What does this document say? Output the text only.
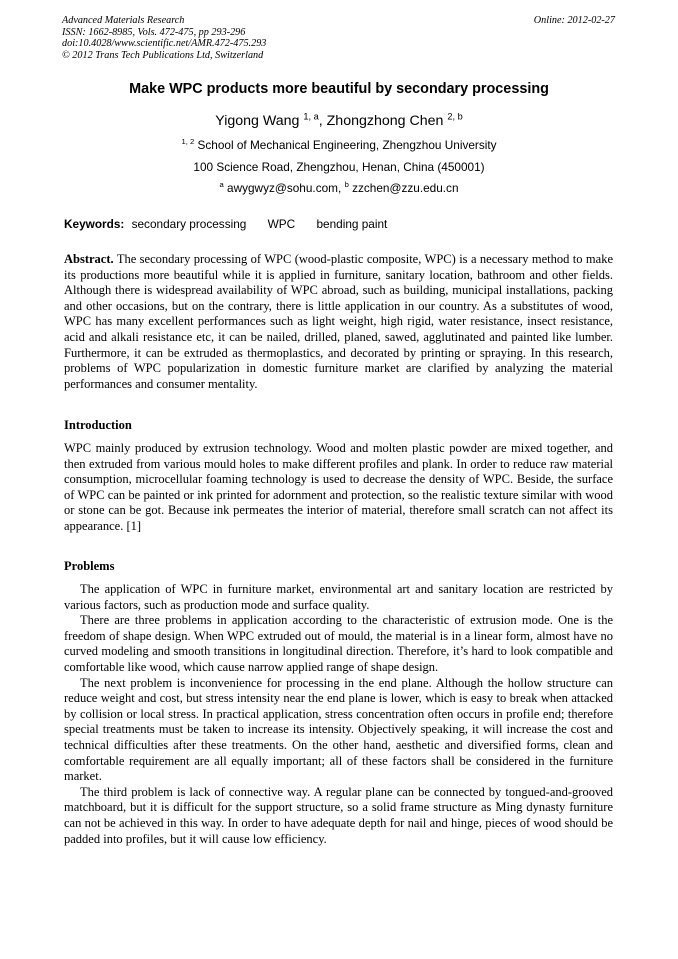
Advanced Materials Research
ISSN: 1662-8985, Vols. 472-475, pp 293-296
doi:10.4028/www.scientific.net/AMR.472-475.293
© 2012 Trans Tech Publications Ltd, Switzerland
Online: 2012-02-27
Make WPC products more beautiful by secondary processing
Yigong Wang $^{1, a}$, Zhongzhong Chen $^{2, b}$
$^{1, 2}$ School of Mechanical Engineering, Zhengzhou University
100 Science Road, Zhengzhou, Henan, China (450001)
$^a$ awygwyz@sohu.com, $^b$ zzchen@zzu.edu.cn
Keywords: secondary processing WPC bending paint

Abstract. The secondary processing of WPC (wood-plastic composite, WPC) is a necessary method to make its productions more beautiful while it is applied in furniture, sanitary location, bathroom and other fields. Although there is widespread availability of WPC abroad, such as building, municipal installations, packing and other occasions, but on the contrary, there is little application in our country. As a substitutes of wood, WPC has many excellent performances such as light weight, high rigid, water resistance, insect resistance, acid and alkali resistance etc, it can be nailed, drilled, planed, sawed, agglutinated and painted like lumber. Furthermore, it can be extruded as thermoplastics, and decorated by printing or spraying. In this research, problems of WPC popularization in domestic furniture market are clarified by analyzing the material performances and consumer mentality.

Introduction

WPC mainly produced by extrusion technology. Wood and molten plastic powder are mixed together, and then extruded from various mould holes to make different profiles and plank. In order to reduce raw material consumption, microcellular foaming technology is used to decrease the density of WPC. Beside, the surface of WPC can be painted or ink printed for adornment and protection, so the realistic texture similar with wood or stone can be got. Because ink permeates the interior of material, therefore small scratch can not affect its appearance. [1]

Problems

The application of WPC in furniture market, environmental art and sanitary location are restricted by various factors, such as production mode and surface quality.

There are three problems in application according to the characteristic of extrusion mode. One is the freedom of shape design. When WPC extruded out of mould, the material is in a linear form, almost have no curved modeling and smooth transitions in longitudinal direction. Therefore, it’s hard to look compatible and comfortable like wood, which cause narrow applied range of shape design.

The next problem is inconvenience for processing in the end plane. Although the hollow structure can reduce weight and cost, but stress intensity near the end plane is lower, which is easy to break when attacked by collision or local stress. In practical application, stress concentration often occurs in profile end; therefore special treatments must be taken to increase its intensity. Objectively speaking, it will increase the cost and technical difficulties after these treatments. On the other hand, aesthetic and diversified forms, clean and comfortable requirement are all equally important; all of these factors shall be considered in the furniture market.

The third problem is lack of connective way. A regular plane can be connected by tongued-and-grooved matchboard, but it is difficult for the support structure, so a solid frame structure as Ming dynasty furniture can not be achieved in this way. In order to have adequate depth for nail and hinge, pieces of wood should be padded into profiles, but it will cause low efficiency.
